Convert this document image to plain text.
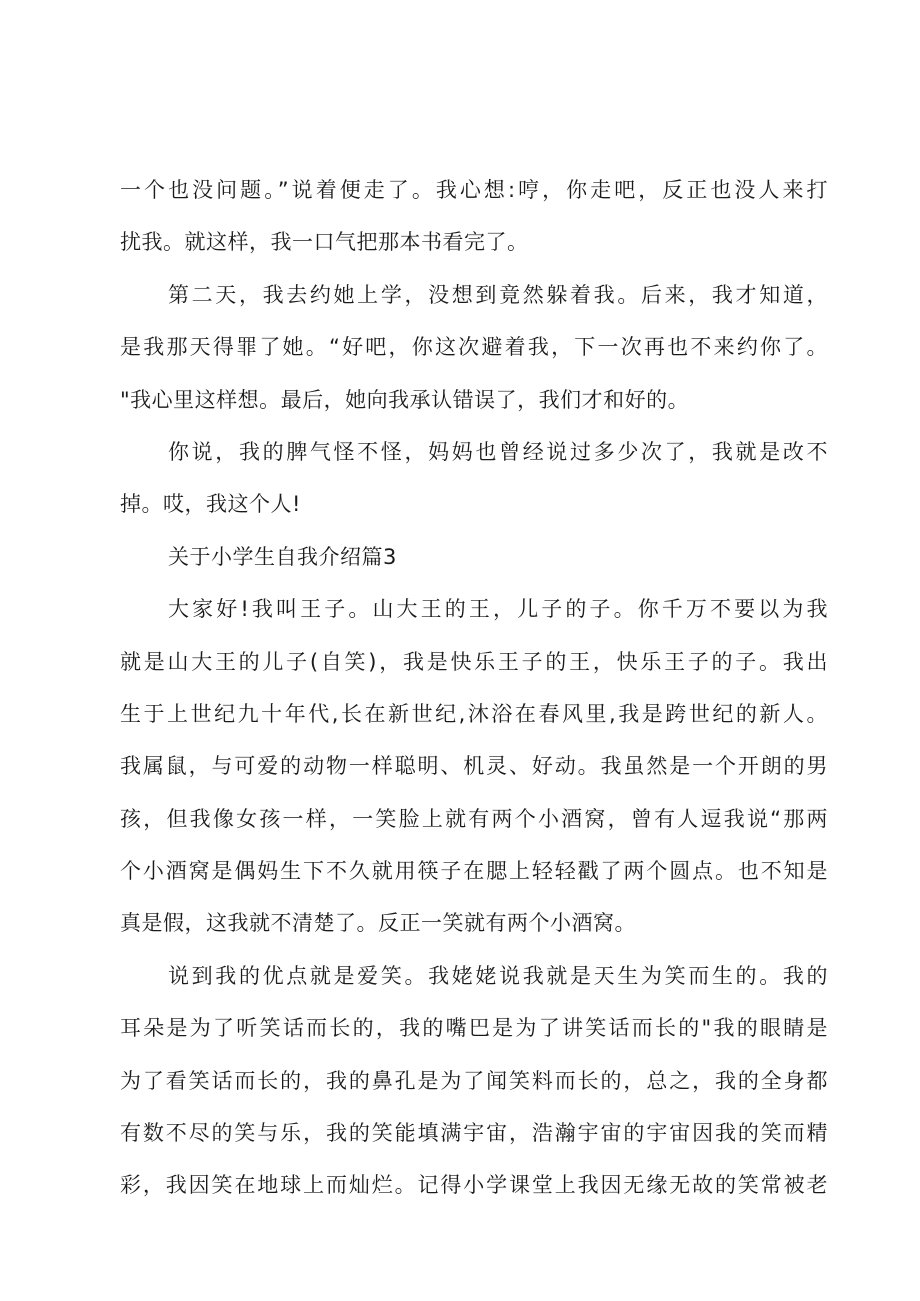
一个也没问题。”说着便走了。我心想:哼，你走吧，反正也没人来打
扰我。就这样，我一口气把那本书看完了。
第二天，我去约她上学，没想到竟然躲着我。后来，我才知道，
是我那天得罪了她。“好吧，你这次避着我，下一次再也不来约你了。
"我心里这样想。最后，她向我承认错误了，我们才和好的。
你说，我的脾气怪不怪，妈妈也曾经说过多少次了，我就是改不
掉。哎，我这个人!
关于小学生自我介绍篇3
大家好!我叫王子。山大王的王，儿子的子。你千万不要以为我
就是山大王的儿子(自笑)，我是快乐王子的王，快乐王子的子。我出
生于上世纪九十年代,长在新世纪,沐浴在春风里,我是跨世纪的新人。
我属鼠，与可爱的动物一样聪明、机灵、好动。我虽然是一个开朗的男
孩，但我像女孩一样，一笑脸上就有两个小酒窝，曾有人逗我说“那两
个小酒窝是偶妈生下不久就用筷子在腮上轻轻戳了两个圆点。也不知是
真是假，这我就不清楚了。反正一笑就有两个小酒窝。
说到我的优点就是爱笑。我姥姥说我就是天生为笑而生的。我的
耳朵是为了听笑话而长的，我的嘴巴是为了讲笑话而长的"我的眼睛是
为了看笑话而长的，我的鼻孔是为了闻笑料而长的，总之，我的全身都
有数不尽的笑与乐，我的笑能填满宇宙，浩瀚宇宙的宇宙因我的笑而精
彩，我因笑在地球上而灿烂。记得小学课堂上我因无缘无故的笑常被老
